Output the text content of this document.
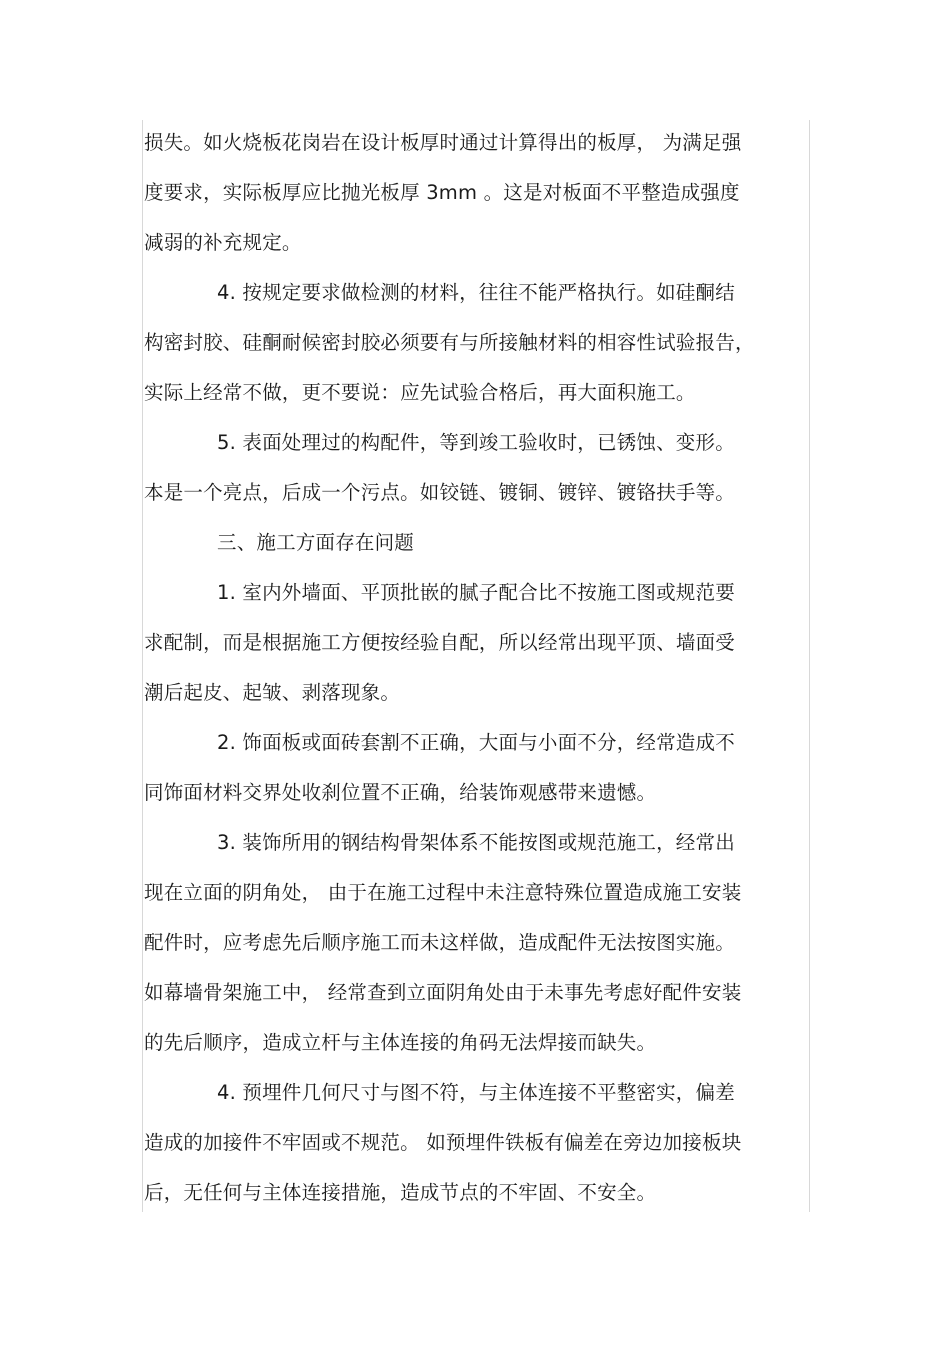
损失。如火烧板花岗岩在设计板厚时通过计算得出的板厚， 为满足强
度要求，实际板厚应比抛光板厚 3mm 。这是对板面不平整造成强度
减弱的补充规定。
4. 按规定要求做检测的材料，往往不能严格执行。如硅酮结
构密封胶、硅酮耐候密封胶必须要有与所接触材料的相容性试验报告，
实际上经常不做，更不要说：应先试验合格后，再大面积施工。
5. 表面处理过的构配件，等到竣工验收时，已锈蚀、变形。
本是一个亮点，后成一个污点。如铰链、镀铜、镀锌、镀铬扶手等。
三、施工方面存在问题
1. 室内外墙面、平顶批嵌的腻子配合比不按施工图或规范要
求配制，而是根据施工方便按经验自配，所以经常出现平顶、墙面受
潮后起皮、起皱、剥落现象。
2. 饰面板或面砖套割不正确，大面与小面不分，经常造成不
同饰面材料交界处收刹位置不正确，给装饰观感带来遗憾。
3. 装饰所用的钢结构骨架体系不能按图或规范施工，经常出
现在立面的阴角处， 由于在施工过程中未注意特殊位置造成施工安装
配件时，应考虑先后顺序施工而未这样做，造成配件无法按图实施。
如幕墙骨架施工中， 经常查到立面阴角处由于未事先考虑好配件安装
的先后顺序，造成立杆与主体连接的角码无法焊接而缺失。
4. 预埋件几何尺寸与图不符，与主体连接不平整密实，偏差
造成的加接件不牢固或不规范。 如预埋件铁板有偏差在旁边加接板块
后，无任何与主体连接措施，造成节点的不牢固、不安全。
